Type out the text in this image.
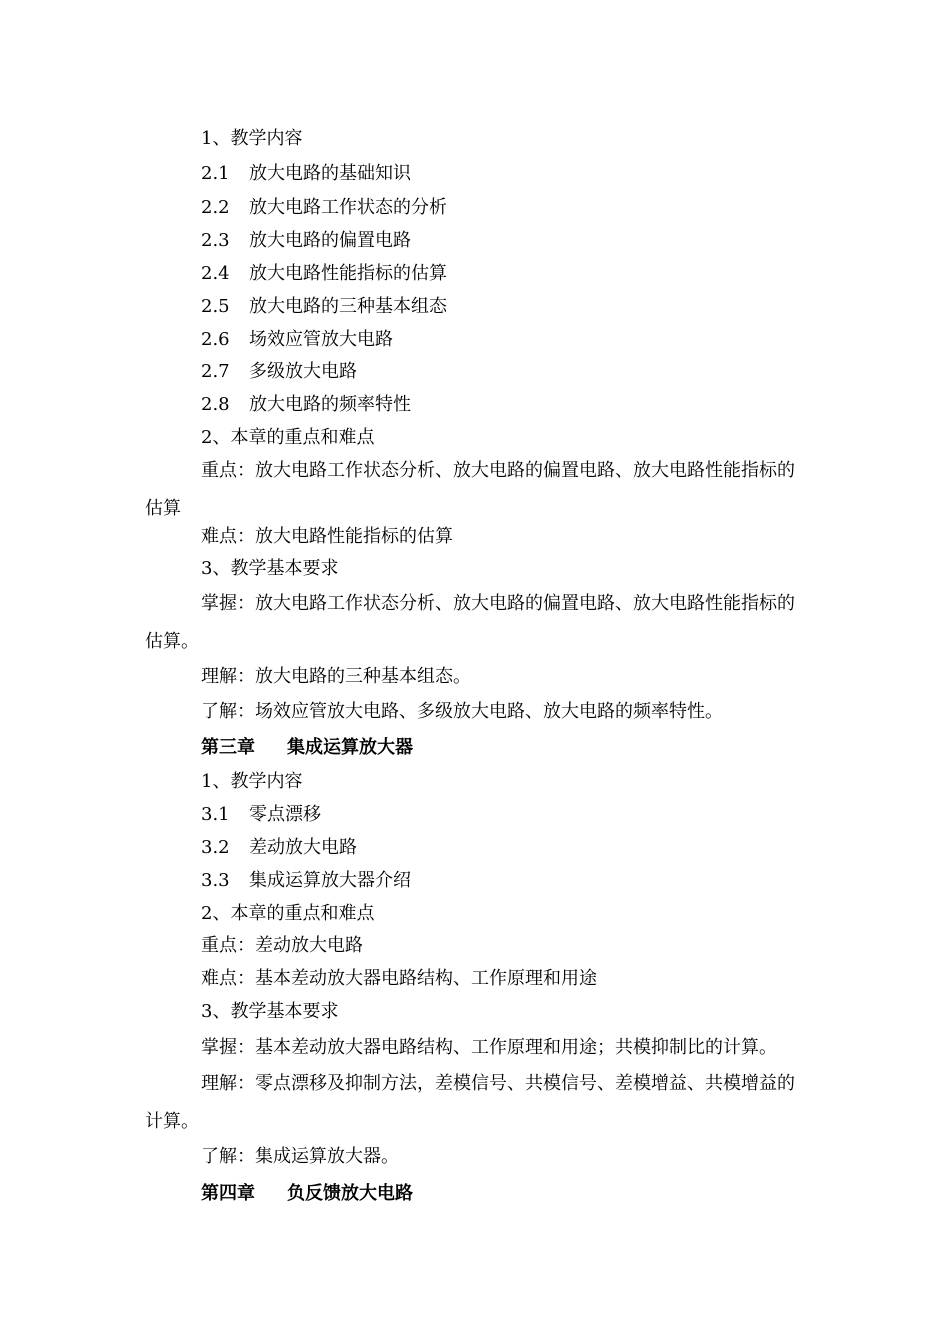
1、教学内容
2.1 放大电路的基础知识
2.2 放大电路工作状态的分析
2.3 放大电路的偏置电路
2.4 放大电路性能指标的估算
2.5 放大电路的三种基本组态
2.6 场效应管放大电路
2.7 多级放大电路
2.8 放大电路的频率特性
2、本章的重点和难点
重点：放大电路工作状态分析、放大电路的偏置电路、放大电路性能指标的估算
难点：放大电路性能指标的估算
3、教学基本要求
掌握：放大电路工作状态分析、放大电路的偏置电路、放大电路性能指标的估算。
理解：放大电路的三种基本组态。
了解：场效应管放大电路、多级放大电路、放大电路的频率特性。
第三章 集成运算放大器
1、教学内容
3.1 零点漂移
3.2 差动放大电路
3.3 集成运算放大器介绍
2、本章的重点和难点
重点：差动放大电路
难点：基本差动放大器电路结构、工作原理和用途
3、教学基本要求
掌握：基本差动放大器电路结构、工作原理和用途；共模抑制比的计算。
理解：零点漂移及抑制方法，差模信号、共模信号、差模增益、共模增益的计算。
了解：集成运算放大器。
第四章 负反馈放大电路
